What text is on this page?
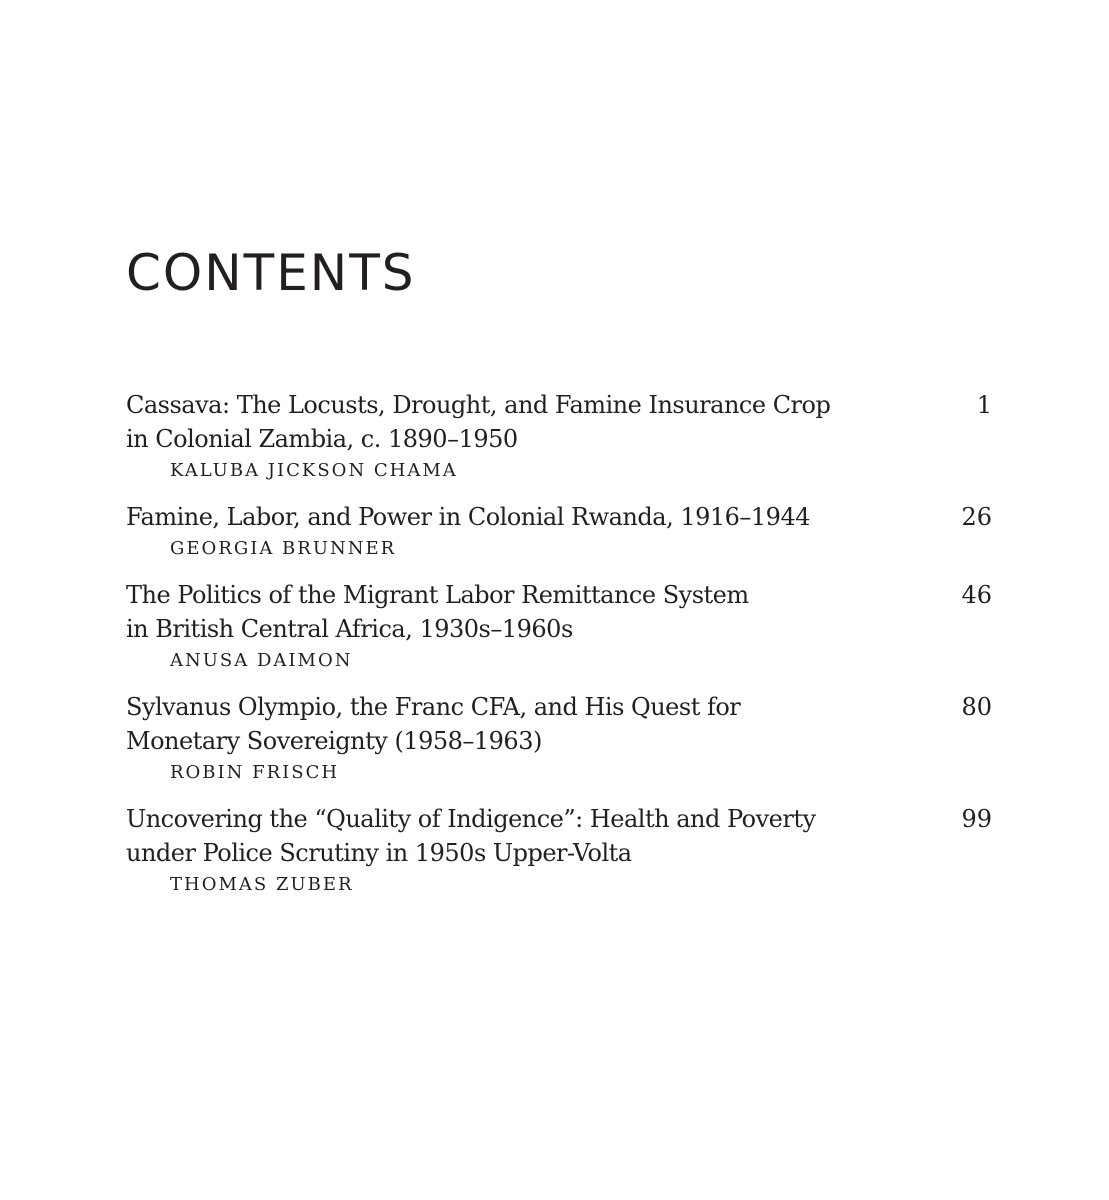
CONTENTS
Cassava: The Locusts, Drought, and Famine Insurance Crop
in Colonial Zambia, c. 1890–1950
1
KALUBA JICKSON CHAMA
Famine, Labor, and Power in Colonial Rwanda, 1916–1944	26
GEORGIA BRUNNER
The Politics of the Migrant Labor Remittance System
in British Central Africa, 1930s–1960s
46
ANUSA DAIMON
Sylvanus Olympio, the Franc CFA, and His Quest for
Monetary Sovereignty (1958–1963)
80
ROBIN FRISCH
Uncovering the “Quality of Indigence”: Health and Poverty
under Police Scrutiny in 1950s Upper-Volta
99
THOMAS ZUBER
